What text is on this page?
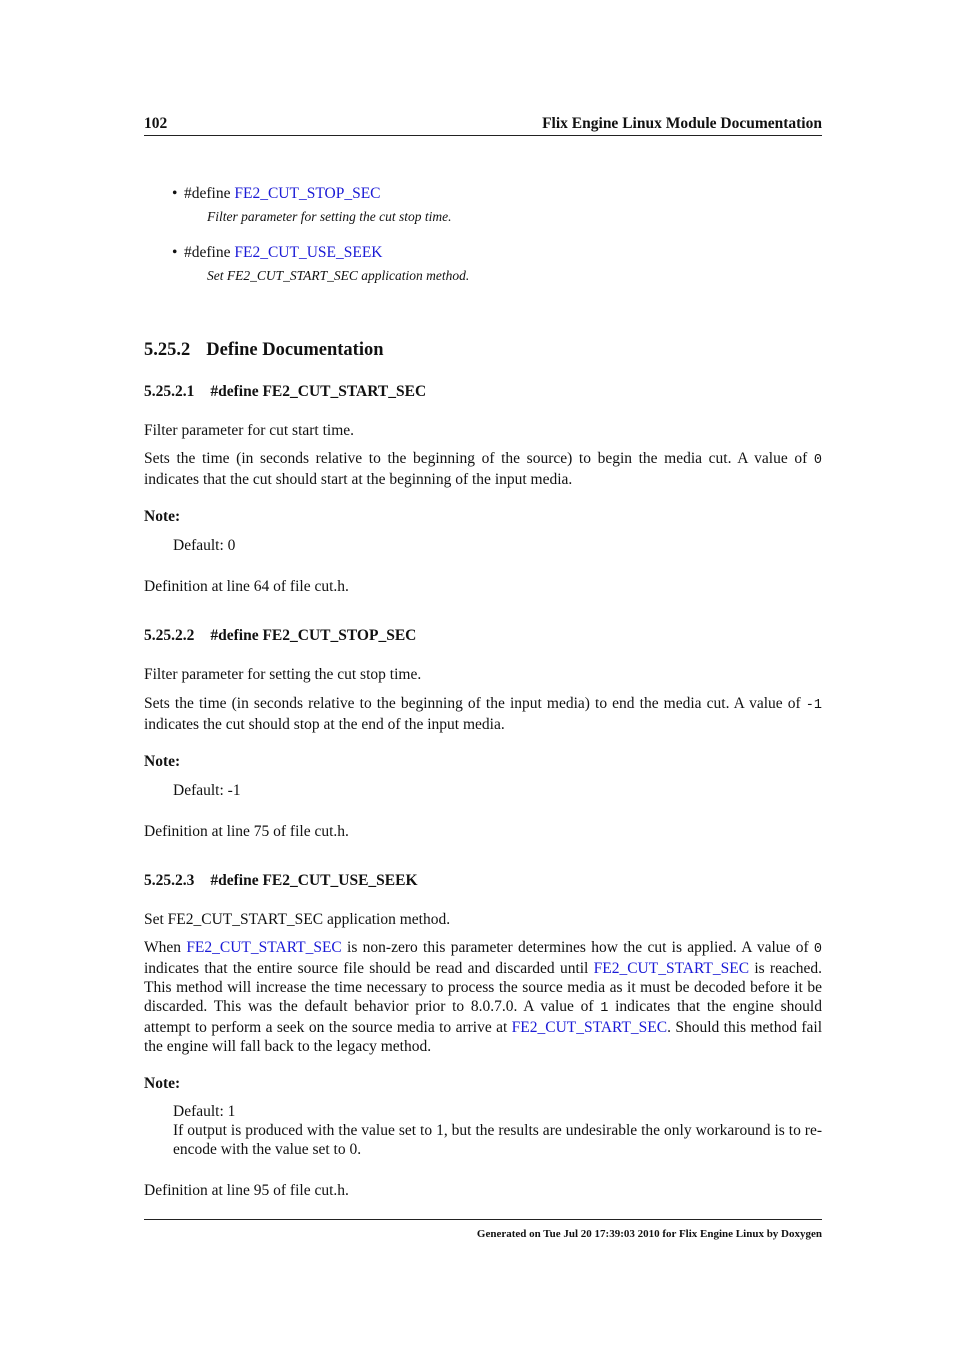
102	Flix Engine Linux Module Documentation
• #define
FE2_CUT_STOP_SEC
Filter parameter for setting the cut stop time.
• #define
FE2_CUT_USE_SEEK
Set FE2_CUT_START_SEC application method.
5.25.2 Define Documentation
5.25.2.1 #define FE2_CUT_START_SEC

Filter parameter for cut start time.

Sets the time (in seconds relative to the beginning of the source) to begin the media cut. A value of 0 indicates that the cut should start at the beginning of the input media.

Note:

Default: 0

Definition at line 64 of file cut.h.

5.25.2.2 #define FE2_CUT_STOP_SEC

Filter parameter for setting the cut stop time.

Sets the time (in seconds relative to the beginning of the input media) to end the media cut. A value of -1 indicates the cut should stop at the end of the input media.

Note:

Default: -1

Definition at line 75 of file cut.h.

5.25.2.3 #define FE2_CUT_USE_SEEK

Set FE2_CUT_START_SEC application method.

When FE2_CUT_START_SEC is non-zero this parameter determines how the cut is applied. A value of 0 indicates that the entire source file should be read and discarded until FE2_CUT_START_SEC is reached. This method will increase the time necessary to process the source media as it must be decoded before it be discarded. This was the default behavior prior to 8.0.7.0. A value of 1 indicates that the engine should attempt to perform a seek on the source media to arrive at FE2_CUT_START_SEC. Should this method fail the engine will fall back to the legacy method.

Note:

Default: 1

If output is produced with the value set to 1, but the results are undesirable the only workaround is to re-encode with the value set to 0.

Definition at line 95 of file cut.h.

Generated on Tue Jul 20 17:39:03 2010 for Flix Engine Linux by Doxygen
